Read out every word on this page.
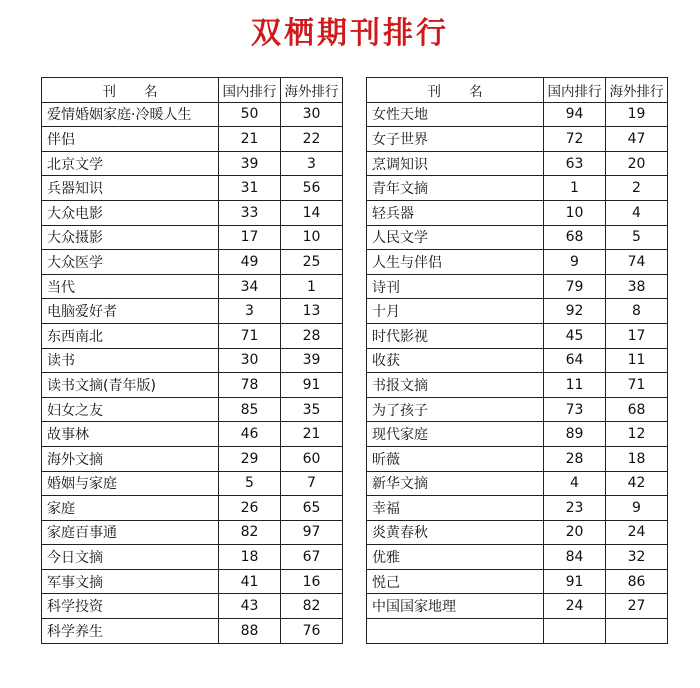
双栖期刊排行
刊名	国内排行	海外排行
爱情婚姻家庭·冷暖人生	50	30
伴侣	21	22
北京文学	39	3
兵器知识	31	56
大众电影	33	14
大众摄影	17	10
大众医学	49	25
当代	34	1
电脑爱好者	3	13
东西南北	71	28
读书	30	39
读书文摘(青年版)	78	91
妇女之友	85	35
故事林	46	21
海外文摘	29	60
婚姻与家庭	5	7
家庭	26	65
家庭百事通	82	97
今日文摘	18	67
军事文摘	41	16
科学投资	43	82
科学养生	88	76
刊名	国内排行	海外排行
女性天地	94	19
女子世界	72	47
烹调知识	63	20
青年文摘	1	2
轻兵器	10	4
人民文学	68	5
人生与伴侣	9	74
诗刊	79	38
十月	92	8
时代影视	45	17
收获	64	11
书报文摘	11	71
为了孩子	73	68
现代家庭	89	12
昕薇	28	18
新华文摘	4	42
幸福	23	9
炎黄春秋	20	24
优雅	84	32
悦己	91	86
中国国家地理	24	27
